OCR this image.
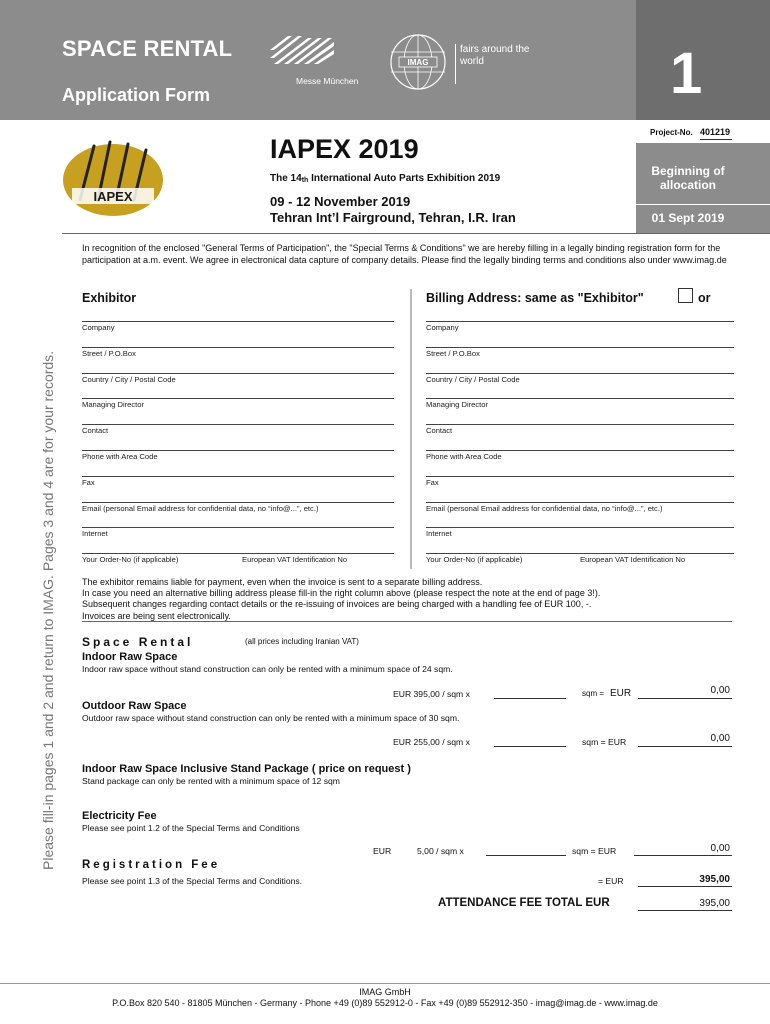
SPACE RENTAL
Application Form	1
Messe München
IMAG
fairs around the world
Project-No. 401219
Beginning of allocation
01 Sept 2019
IAPEX
IAPEX 2019
The $14_{th}$ International Auto Parts Exhibition 2019
09 - 12 November 2019
Tehran Int’l Fairground, Tehran, I.R. Iran
Please fill-in pages 1 and 2 and return to IMAG. Pages 3 and 4 are for your records.
In recognition of the enclosed "General Terms of Participation", the "Special Terms & Conditions" we are hereby filling in a legally binding registration form for the participation at a.m. event. We agree in electronical data capture of company details. Please find the legally binding terms and conditions also under www.imag.de
Exhibitor	Billing Address: same as "Exhibitor"	or
Company
Street / P.O.Box
Country / City / Postal Code
Managing Director
Contact
Phone with Area Code
Fax
Email (personal Email address for confidential data, no “info@...”, etc.)
Internet
Your Order-No (if applicable)	European VAT Identification No
Company
Street / P.O.Box
Country / City / Postal Code
Managing Director
Contact
Phone with Area Code
Fax
Email (personal Email address for confidential data, no “info@...”, etc.)
Internet
Your Order-No (if applicable)	European VAT Identification No
The exhibitor remains liable for payment, even when the invoice is sent to a separate billing address.
In case you need an alternative billing address please fill-in the right column above (please respect the note at the end of page 3!).
Subsequent changes regarding contact details or the re-issuing of invoices are being charged with a handling fee of EUR 100, -.
Invoices are being sent electronically.
Space Rental	(all prices including Iranian VAT)
Indoor Raw Space
Indoor raw space without stand construction can only be rented with a minimum space of 24 sqm.
EUR 395,00 / sqm x	sqm = EUR	0,00
Outdoor Raw Space
Outdoor raw space without stand construction can only be rented with a minimum space of 30 sqm.
EUR 255,00 / sqm x	sqm = EUR	0,00
Indoor Raw Space Inclusive Stand Package ( price on request )
Stand package can only be rented with a minimum space of 12 sqm
Electricity Fee
Please see point 1.2 of the Special Terms and Conditions
EUR	5,00 / sqm x	sqm = EUR	0,00
Registration Fee
Please see point 1.3 of the Special Terms and Conditions.	= EUR	395,00
ATTENDANCE FEE TOTAL EUR	395,00
IMAG GmbH
P.O.Box 820 540 - 81805 München - Germany - Phone +49 (0)89 552912-0 - Fax +49 (0)89 552912-350 - imag@imag.de - www.imag.de
